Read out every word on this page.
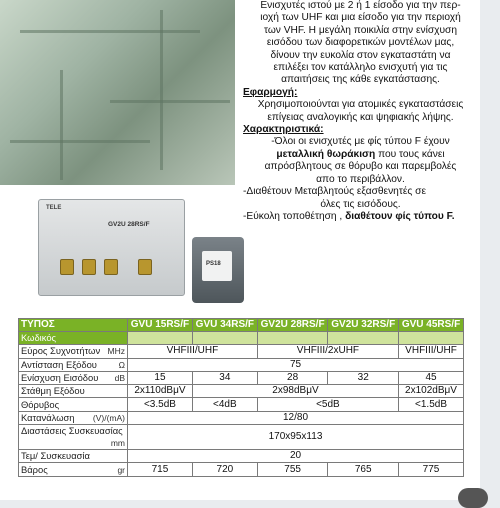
Ενισχυτές ιστού με 2 ή 1 είσοδο για την περ-

ιοχή των UHF και μια είσοδο για την περιοχή

των VHF. Η μεγάλη ποικιλία στην ενίσχυση

εισόδου των διαφορετικών μοντέλων μας,

δίνουν την ευκολία στον εγκαταστάτη να

επιλέξει τον κατάλληλο ενισχυτή για τις

απαιτήσεις της κάθε εγκατάστασης.

Εφαρμογή:

Χρησιμοποιούνται για ατομικές εγκαταστάσεις επίγειας αναλογικής και ψηφιακής λήψης.

Χαρακτηριστικά:

-Όλοι οι ενισχυτές με φίς τύπου F έχουν

μεταλλική θωράκιση που τους κάνει

απρόσβλητους σε θόρυβο και παρεμβολές

απο το περιβάλλον.

-Διαθέτουν Μεταβλητούς εξασθενητές σε

όλες τις εισόδους.

-Εύκολη τοποθέτηση , διαθέτουν φίς τύπου F.

TELE
GV2U 28RS/F
PS18
ΤΥΠΟΣ	GVU 15RS/F	GVU 34RS/F	GV2U 28RS/F	GV2U 32RS/F	GVU 45RS/F
Κωδικός					
Εύρος Συχνοτήτων MHz	VHFIII/UHF		VHFIII/2xUHF		VHFIII/UHF
Αντίσταση Εξόδου Ω	75				
Ενίσχυση Εισόδου dB	15	34	28	32	45
Στάθμη Εξόδου	2x110dBμV	2x98dBμV			2x102dBμV
Θόρυβος	<3.5dB	<4dB	<5dB		<1.5dB
Κατανάλωση (V)/(mA)	12/80				
Διαστάσεις Συσκευασίας
mm	170x95x113				
Τεμ/ Συσκευασία	20				
Βάρος gr	715	720	755	765	775
